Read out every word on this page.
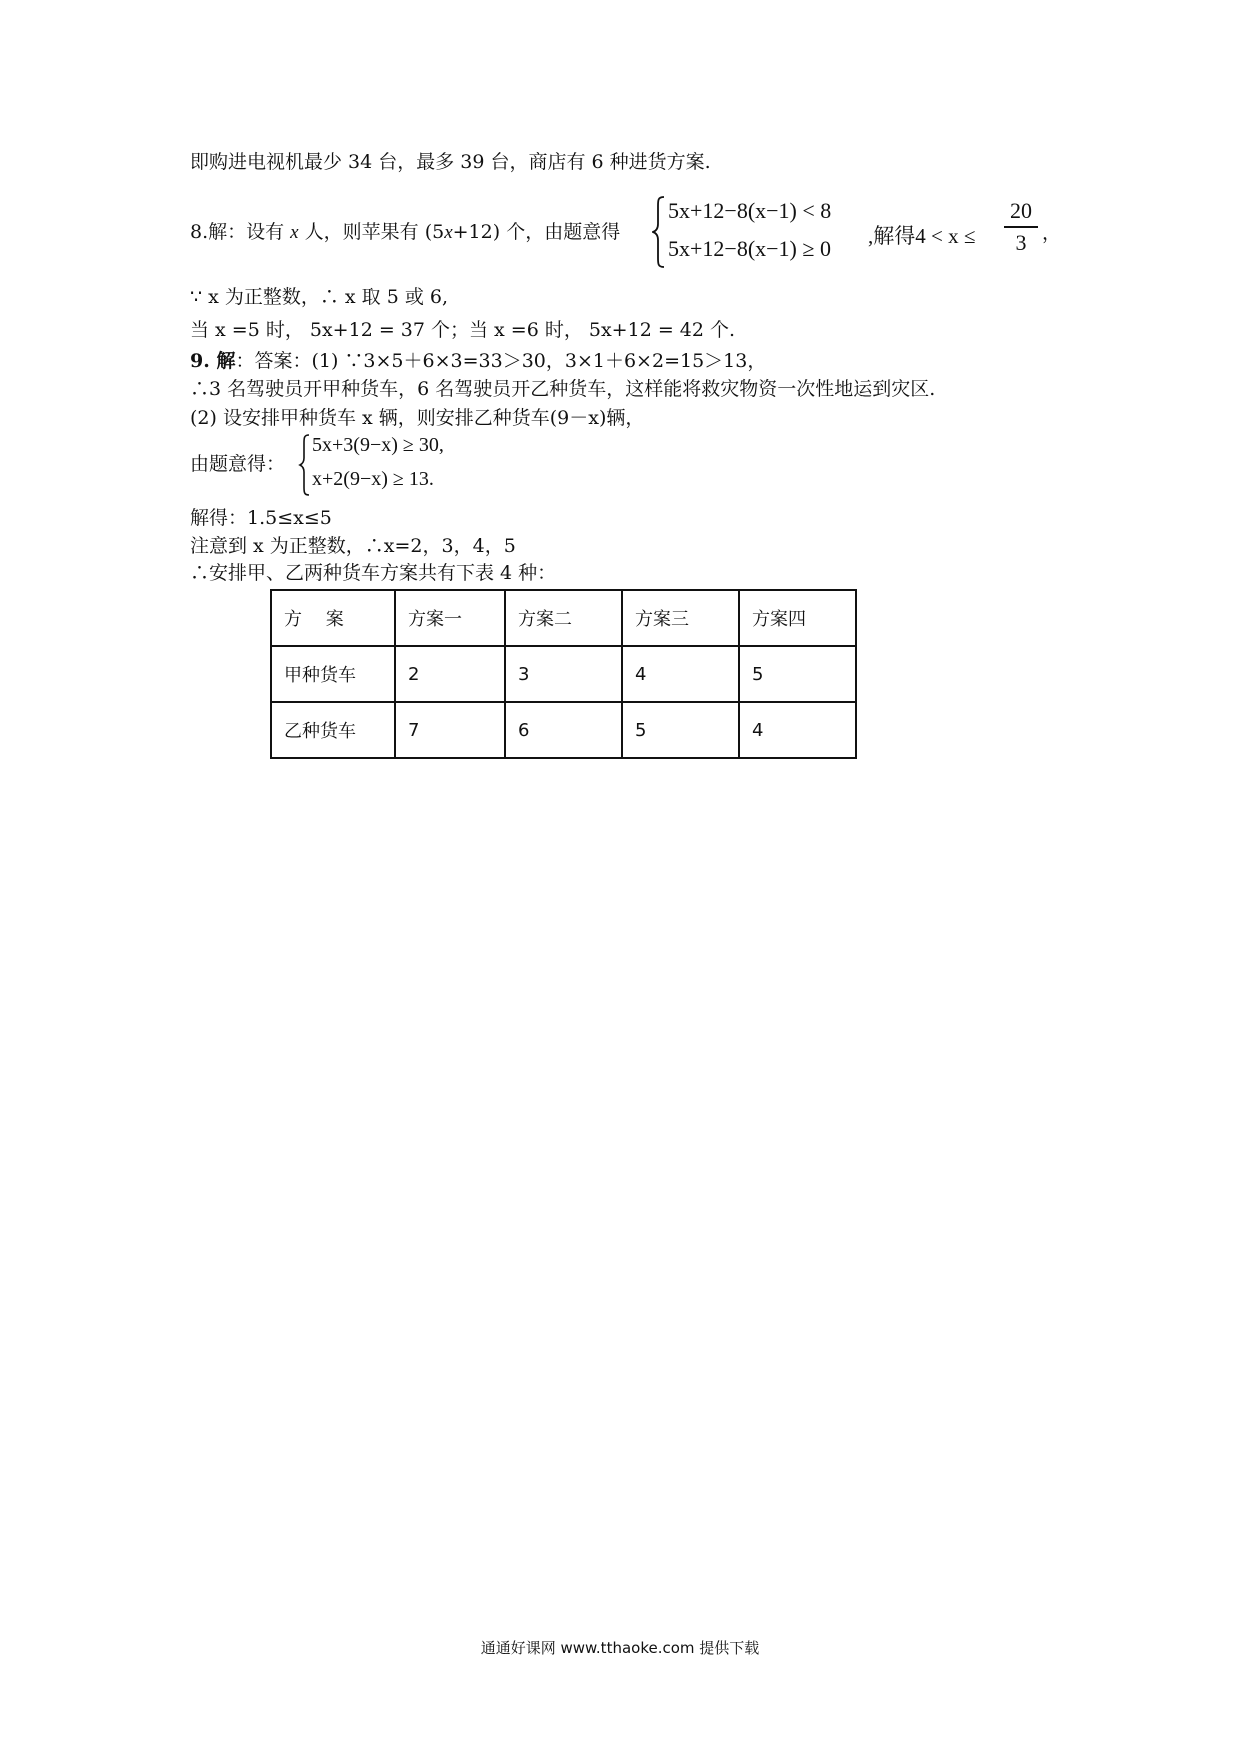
即购进电视机最少 34 台，最多 39 台，商店有 6 种进货方案.
8.解：设有 x 人，则苹果有 (5x+12) 个，由题意得
5x+12−8(x−1) < 8
5x+12−8(x−1) ≥ 0 ,解得4 < x ≤
20
3 ，
∵ x 为正整数，∴ x 取 5 或 6,
当 x =5 时， 5x+12 = 37 个；当 x =6 时， 5x+12 = 42 个.
9. 解：答案：(1) ∵3×5＋6×3=33＞30，3×1＋6×2=15＞13，
∴3 名驾驶员开甲种货车，6 名驾驶员开乙种货车，这样能将救灾物资一次性地运到灾区.
(2) 设安排甲种货车 x 辆，则安排乙种货车(9－x)辆，
由题意得：
5x+3(9−x) ≥ 30,
x+2(9−x) ≥ 13.
解得：1.5≤x≤5
注意到 x 为正整数，∴x=2，3，4，5
∴安排甲、乙两种货车方案共有下表 4 种：
方　 案	方案一	方案二	方案三	方案四
甲种货车	2	3	4	5
乙种货车	7	6	5	4
通通好课网 www.tthaoke.com 提供下载
